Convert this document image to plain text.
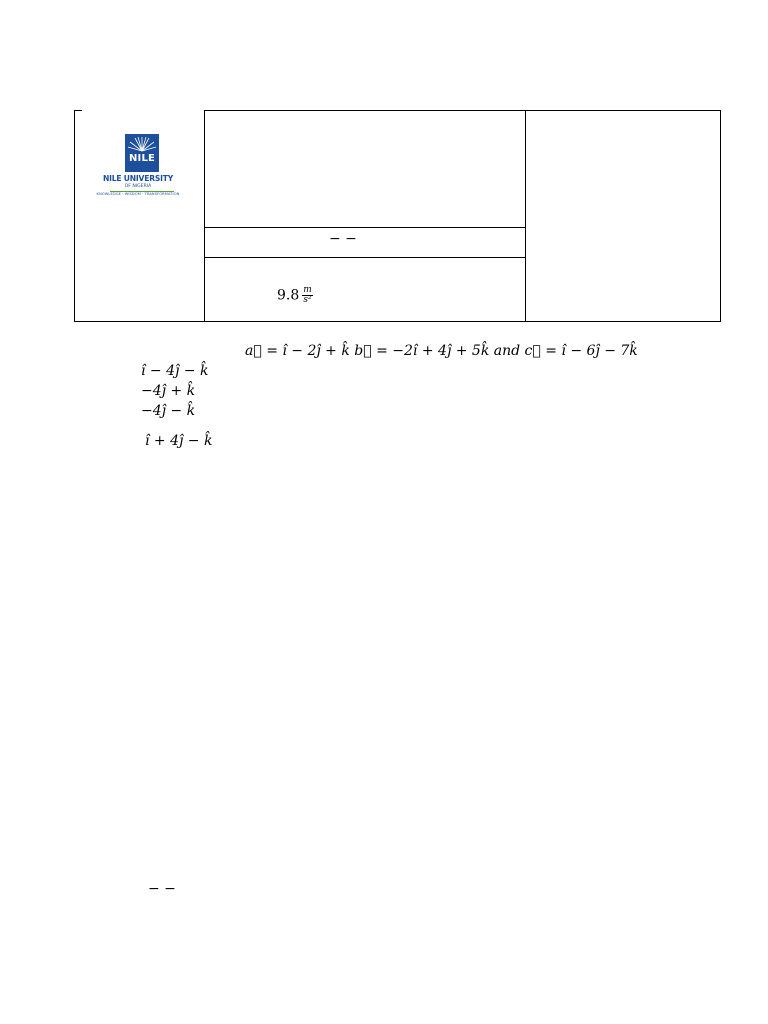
NILE
NILE UNIVERSITY
OF NIGERIA
KNOWLEDGE · WISDOM · TRANSFORMATION
− −
$9.8 \frac{m}{\text{s²}}$
a⃗ = î − 2ĵ + k̂ b⃗ = −2î + 4ĵ + 5k̂ and c⃗ = î − 6ĵ − 7k̂
î − 4ĵ − k̂
−4ĵ + k̂
−4ĵ − k̂
î + 4ĵ − k̂
− −
